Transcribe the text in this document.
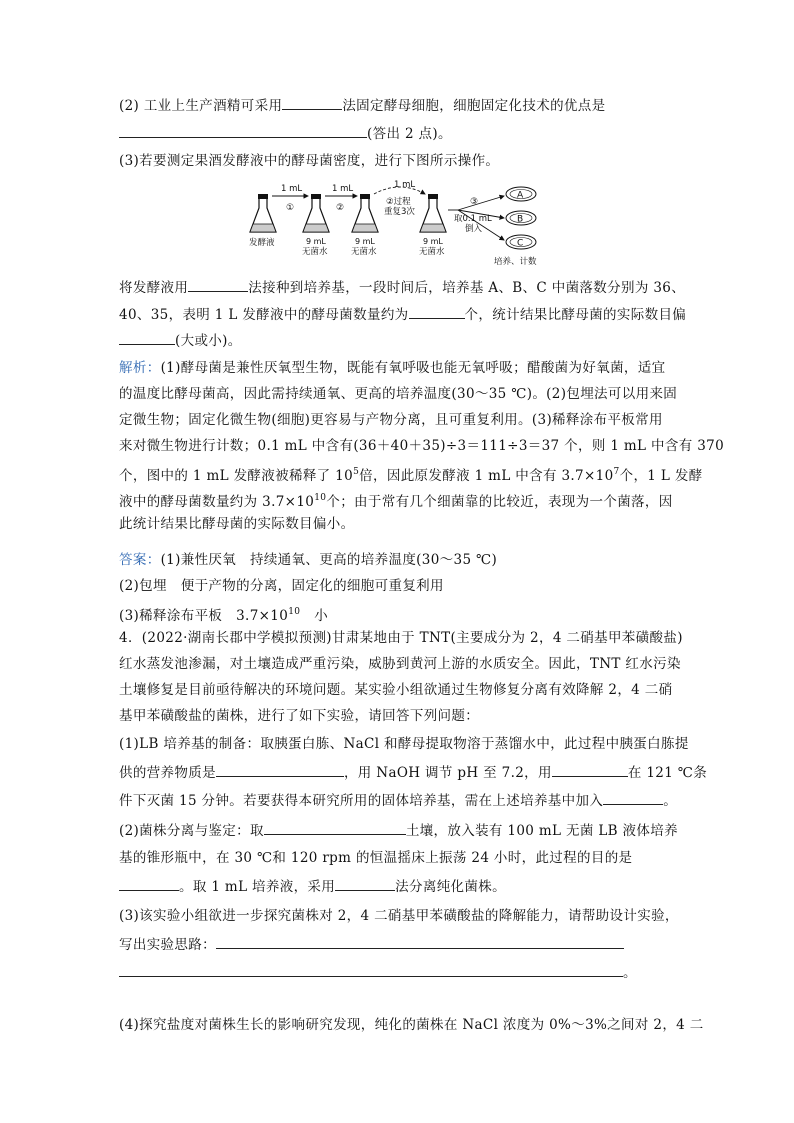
(2) 工业上生产酒精可采用	法固定酵母细胞，细胞固定化技术的优点是
(答出 2 点)。
(3)若要测定果酒发酵液中的酵母菌密度，进行下图所示操作。
1 mL
①
1 mL
②
1 mL
②过程
重复3次
③
取0.1 mL
倒入
A
B
C
发酵液	9 mL
无菌水
9 mL
无菌水
9 mL
无菌水
培养、计数
将发酵液用	法接种到培养基，一段时间后，培养基 A、B、C 中菌落数分别为 36、
40、35，表明 1 L 发酵液中的酵母菌数量约为	个，统计结果比酵母菌的实际数目偏
(大或小)。
解析：(1)酵母菌是兼性厌氧型生物，既能有氧呼吸也能无氧呼吸；醋酸菌为好氧菌，适宜
的温度比酵母菌高，因此需持续通氧、更高的培养温度(30～35 ℃)。(2)包埋法可以用来固
定微生物；固定化微生物(细胞)更容易与产物分离，且可重复利用。(3)稀释涂布平板常用
来对微生物进行计数；0.1 mL 中含有(36＋40＋35)÷3＝111÷3＝37 个，则 1 mL 中含有 370
个，图中的 1 mL 发酵液被稀释了 $10^5$倍，因此原发酵液 1 mL 中含有 $3.7\times 10^7$个，1 L 发酵
液中的酵母菌数量约为 $3.7\times 10^{10}$个；由于常有几个细菌靠的比较近，表现为一个菌落，因
此统计结果比酵母菌的实际数目偏小。
答案：(1)兼性厌氧　持续通氧、更高的培养温度(30～35 ℃)
(2)包埋　便于产物的分离，固定化的细胞可重复利用
(3)稀释涂布平板　$3.7\times 10^{10}$　小
4．(2022·湖南长郡中学模拟预测)甘肃某地由于 TNT(主要成分为 2，4 二硝基甲苯磺酸盐)
红水蒸发池渗漏，对土壤造成严重污染，威胁到黄河上游的水质安全。因此，TNT 红水污染
土壤修复是目前亟待解决的环境问题。某实验小组欲通过生物修复分离有效降解 2，4 二硝
基甲苯磺酸盐的菌株，进行了如下实验，请回答下列问题：
(1)LB 培养基的制备：取胰蛋白胨、NaCl 和酵母提取物溶于蒸馏水中，此过程中胰蛋白胨提
供的营养物质是	，用 NaOH 调节 pH 至 7.2，用	在 121 ℃条
件下灭菌 15 分钟。若要获得本研究所用的固体培养基，需在上述培养基中加入	。
(2)菌株分离与鉴定：取	土壤，放入装有 100 mL 无菌 LB 液体培养
基的锥形瓶中，在 30 ℃和 120 rpm 的恒温摇床上振荡 24 小时，此过程的目的是
。取 1 mL 培养液，采用	法分离纯化菌株。
(3)该实验小组欲进一步探究菌株对 2，4 二硝基甲苯磺酸盐的降解能力，请帮助设计实验，
写出实验思路：
。
(4)探究盐度对菌株生长的影响研究发现，纯化的菌株在 NaCl 浓度为 0%～3%之间对 2，4 二
